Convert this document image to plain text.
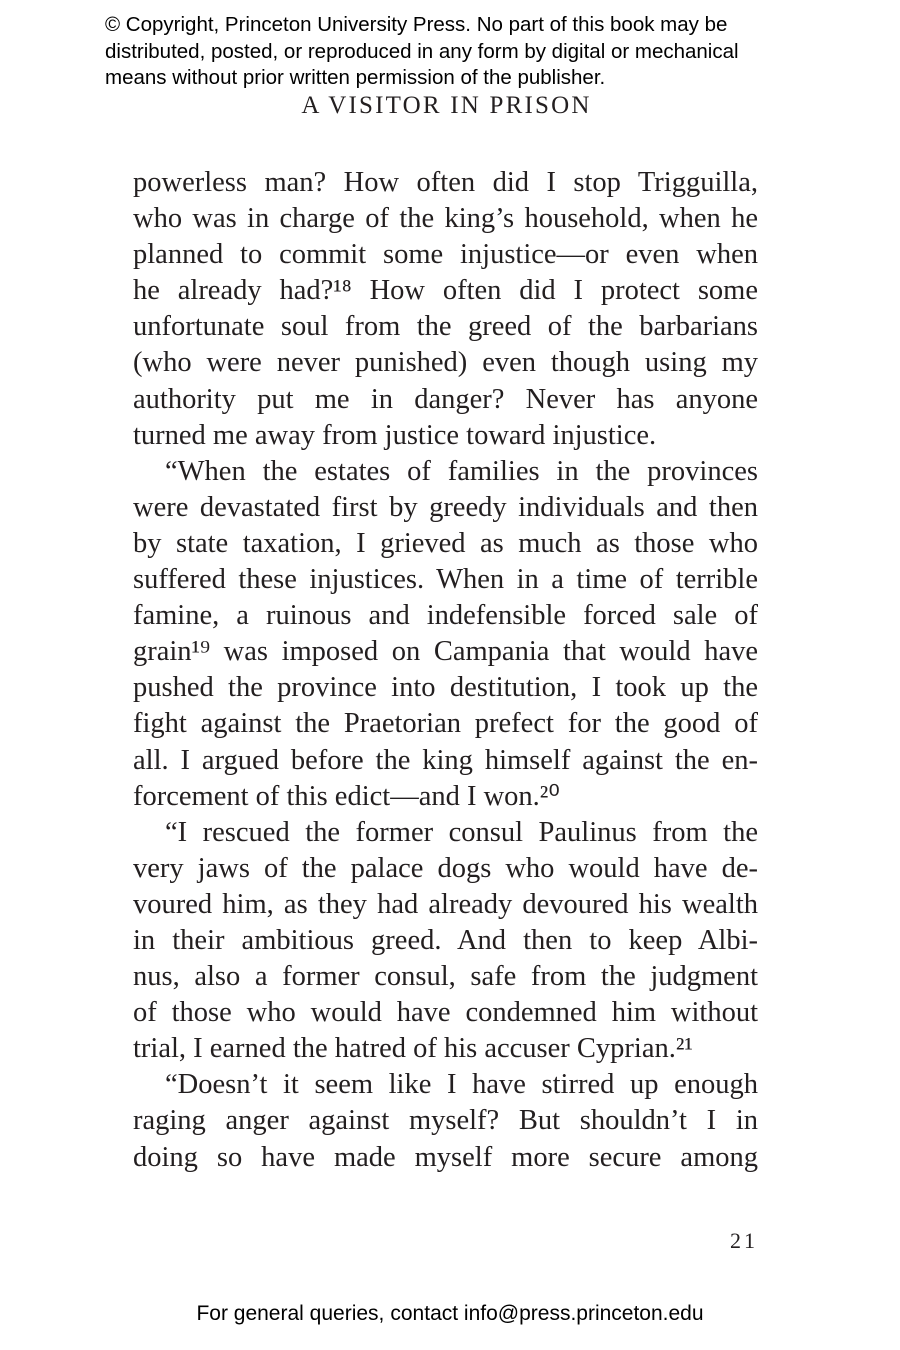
© Copyright, Princeton University Press. No part of this book may be
distributed, posted, or reproduced in any form by digital or mechanical
means without prior written permission of the publisher.
A VISITOR IN PRISON
powerless man? How often did I stop Trigguilla,
who was in charge of the king’s household, when he
planned to commit some injustice—or even when
he already had?¹⁸ How often did I protect some
unfortunate soul from the greed of the barbarians
(who were never punished) even though using my
authority put me in danger? Never has anyone
turned me away from justice toward injustice.
“When the estates of families in the provinces
were devastated first by greedy individuals and then
by state taxation, I grieved as much as those who
suffered these injustices. When in a time of terrible
famine, a ruinous and indefensible forced sale of
grain¹⁹ was imposed on Campania that would have
pushed the province into destitution, I took up the
fight against the Praetorian prefect for the good of
all. I argued before the king himself against the en-
forcement of this edict—and I won.²⁰
“I rescued the former consul Paulinus from the
very jaws of the palace dogs who would have de-
voured him, as they had already devoured his wealth
in their ambitious greed. And then to keep Albi-
nus, also a former consul, safe from the judgment
of those who would have condemned him without
trial, I earned the hatred of his accuser Cyprian.²¹
“Doesn’t it seem like I have stirred up enough
raging anger against myself? But shouldn’t I in
doing so have made myself more secure among
21
For general queries, contact info@press.princeton.edu
